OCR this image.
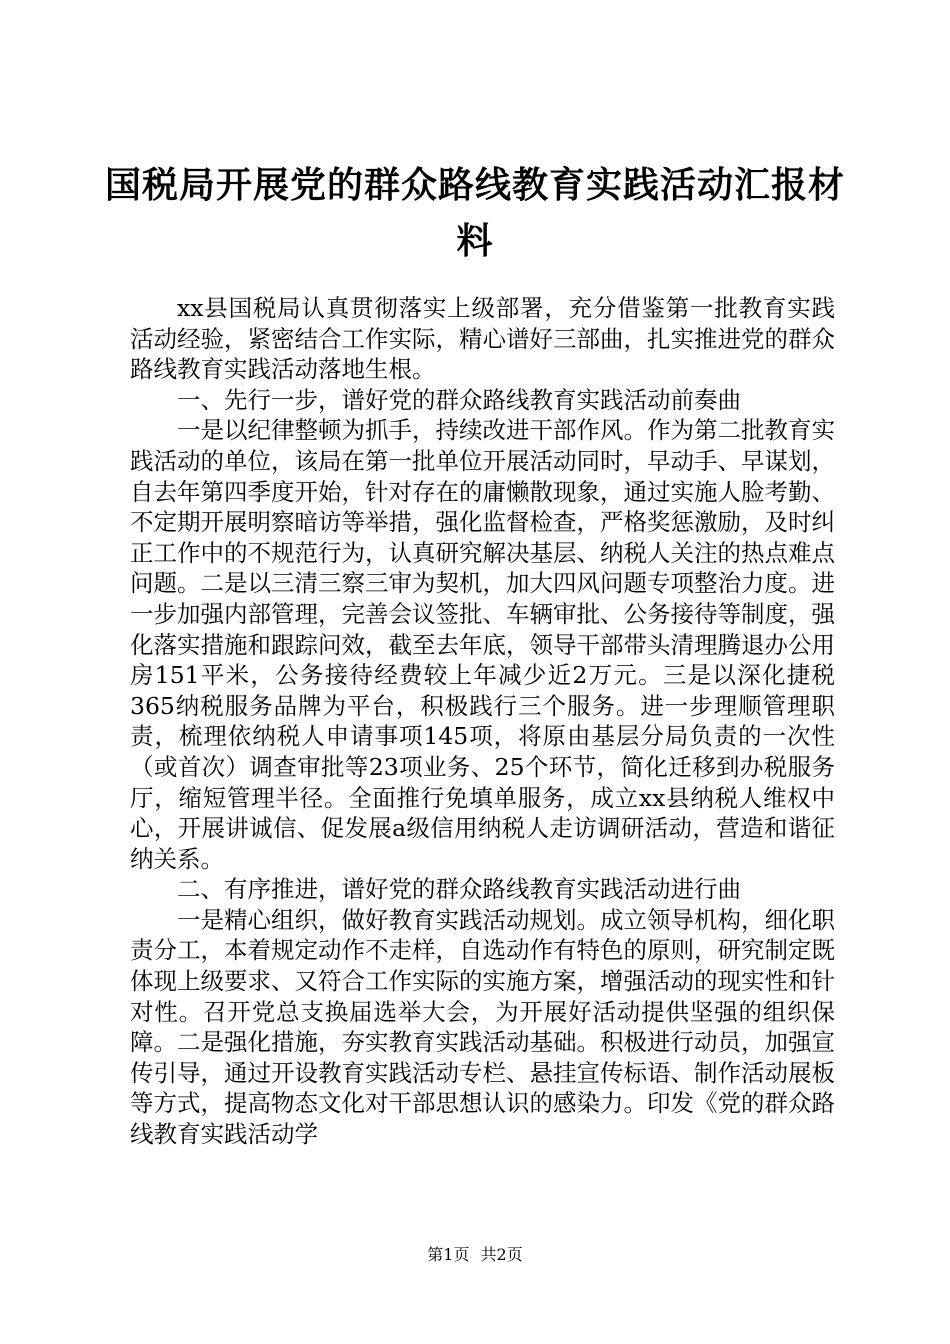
国税局开展党的群众路线教育实践活动汇报材料

xx县国税局认真贯彻落实上级部署，充分借鉴第一批教育实践活动经验，紧密结合工作实际，精心谱好三部曲，扎实推进党的群众路线教育实践活动落地生根。

一、先行一步，谱好党的群众路线教育实践活动前奏曲

一是以纪律整顿为抓手，持续改进干部作风。作为第二批教育实践活动的单位，该局在第一批单位开展活动同时，早动手、早谋划，自去年第四季度开始，针对存在的庸懒散现象，通过实施人脸考勤、不定期开展明察暗访等举措，强化监督检查，严格奖惩激励，及时纠正工作中的不规范行为，认真研究解决基层、纳税人关注的热点难点问题。二是以三清三察三审为契机，加大四风问题专项整治力度。进一步加强内部管理，完善会议签批、车辆审批、公务接待等制度，强化落实措施和跟踪问效，截至去年底，领导干部带头清理腾退办公用房151平米，公务接待经费较上年减少近2万元。三是以深化捷税365纳税服务品牌为平台，积极践行三个服务。进一步理顺管理职责，梳理依纳税人申请事项145项，将原由基层分局负责的一次性（或首次）调查审批等23项业务、25个环节，简化迁移到办税服务厅，缩短管理半径。全面推行免填单服务，成立xx县纳税人维权中心，开展讲诚信、促发展a级信用纳税人走访调研活动，营造和谐征纳关系。

二、有序推进，谱好党的群众路线教育实践活动进行曲

一是精心组织，做好教育实践活动规划。成立领导机构，细化职责分工，本着规定动作不走样，自选动作有特色的原则，研究制定既体现上级要求、又符合工作实际的实施方案，增强活动的现实性和针对性。召开党总支换届选举大会，为开展好活动提供坚强的组织保障。二是强化措施，夯实教育实践活动基础。积极进行动员，加强宣传引导，通过开设教育实践活动专栏、悬挂宣传标语、制作活动展板等方式，提高物态文化对干部思想认识的感染力。印发《党的群众路线教育实践活动学

第1页 共2页
